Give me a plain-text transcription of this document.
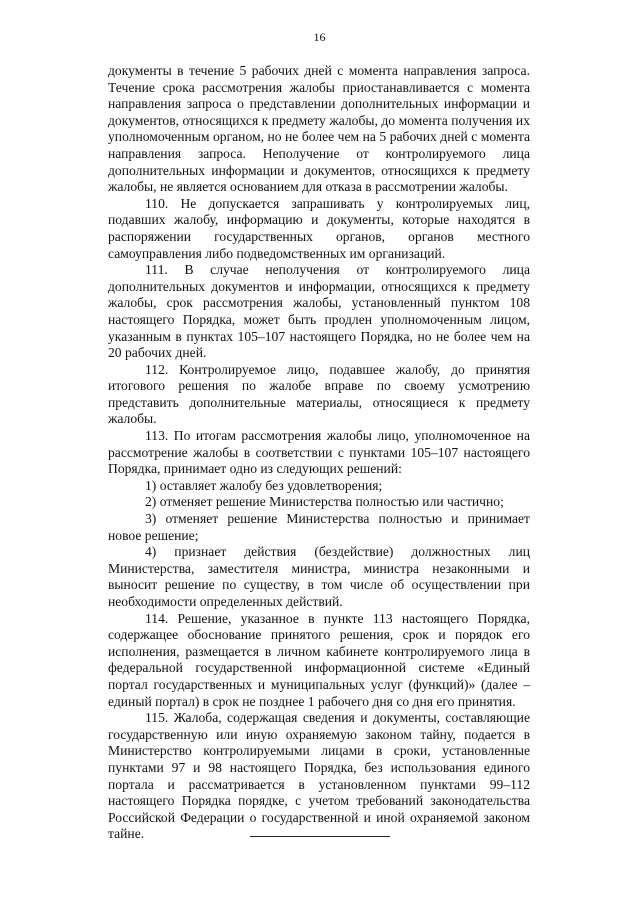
16

документы в течение 5 рабочих дней с момента направления запроса. Течение срока рассмотрения жалобы приостанавливается с момента направления запроса о представлении дополнительных информации и документов, относящихся к предмету жалобы, до момента получения их уполномоченным органом, но не более чем на 5 рабочих дней с момента направления запроса. Неполучение от контролируемого лица дополнительных информации и документов, относящихся к предмету жалобы, не является основанием для отказа в рассмотрении жалобы.

110. Не допускается запрашивать у контролируемых лиц, подавших жалобу, информацию и документы, которые находятся в распоряжении государственных органов, органов местного самоуправления либо подведомственных им организаций.

111. В случае неполучения от контролируемого лица дополнительных документов и информации, относящихся к предмету жалобы, срок рассмотрения жалобы, установленный пунктом 108 настоящего Порядка, может быть продлен уполномоченным лицом, указанным в пунктах 105–107 настоящего Порядка, но не более чем на 20 рабочих дней.

112. Контролируемое лицо, подавшее жалобу, до принятия итогового решения по жалобе вправе по своему усмотрению представить дополнительные материалы, относящиеся к предмету жалобы.

113. По итогам рассмотрения жалобы лицо, уполномоченное на рассмотрение жалобы в соответствии с пунктами 105–107 настоящего Порядка, принимает одно из следующих решений:

1) оставляет жалобу без удовлетворения;

2) отменяет решение Министерства полностью или частично;

3) отменяет решение Министерства полностью и принимает новое решение;

4) признает действия (бездействие) должностных лиц Министерства, заместителя министра, министра незаконными и выносит решение по существу, в том числе об осуществлении при необходимости определенных действий.

114. Решение, указанное в пункте 113 настоящего Порядка, содержащее обоснование принятого решения, срок и порядок его исполнения, размещается в личном кабинете контролируемого лица в федеральной государственной информационной системе «Единый портал государственных и муниципальных услуг (функций)» (далее – единый портал) в срок не позднее 1 рабочего дня со дня его принятия.

115. Жалоба, содержащая сведения и документы, составляющие государственную или иную охраняемую законом тайну, подается в Министерство контролируемыми лицами в сроки, установленные пунктами 97 и 98 настоящего Порядка, без использования единого портала и рассматривается в установленном пунктами 99–112 настоящего Порядка порядке, с учетом требований законодательства Российской Федерации о государственной и иной охраняемой законом тайне.
